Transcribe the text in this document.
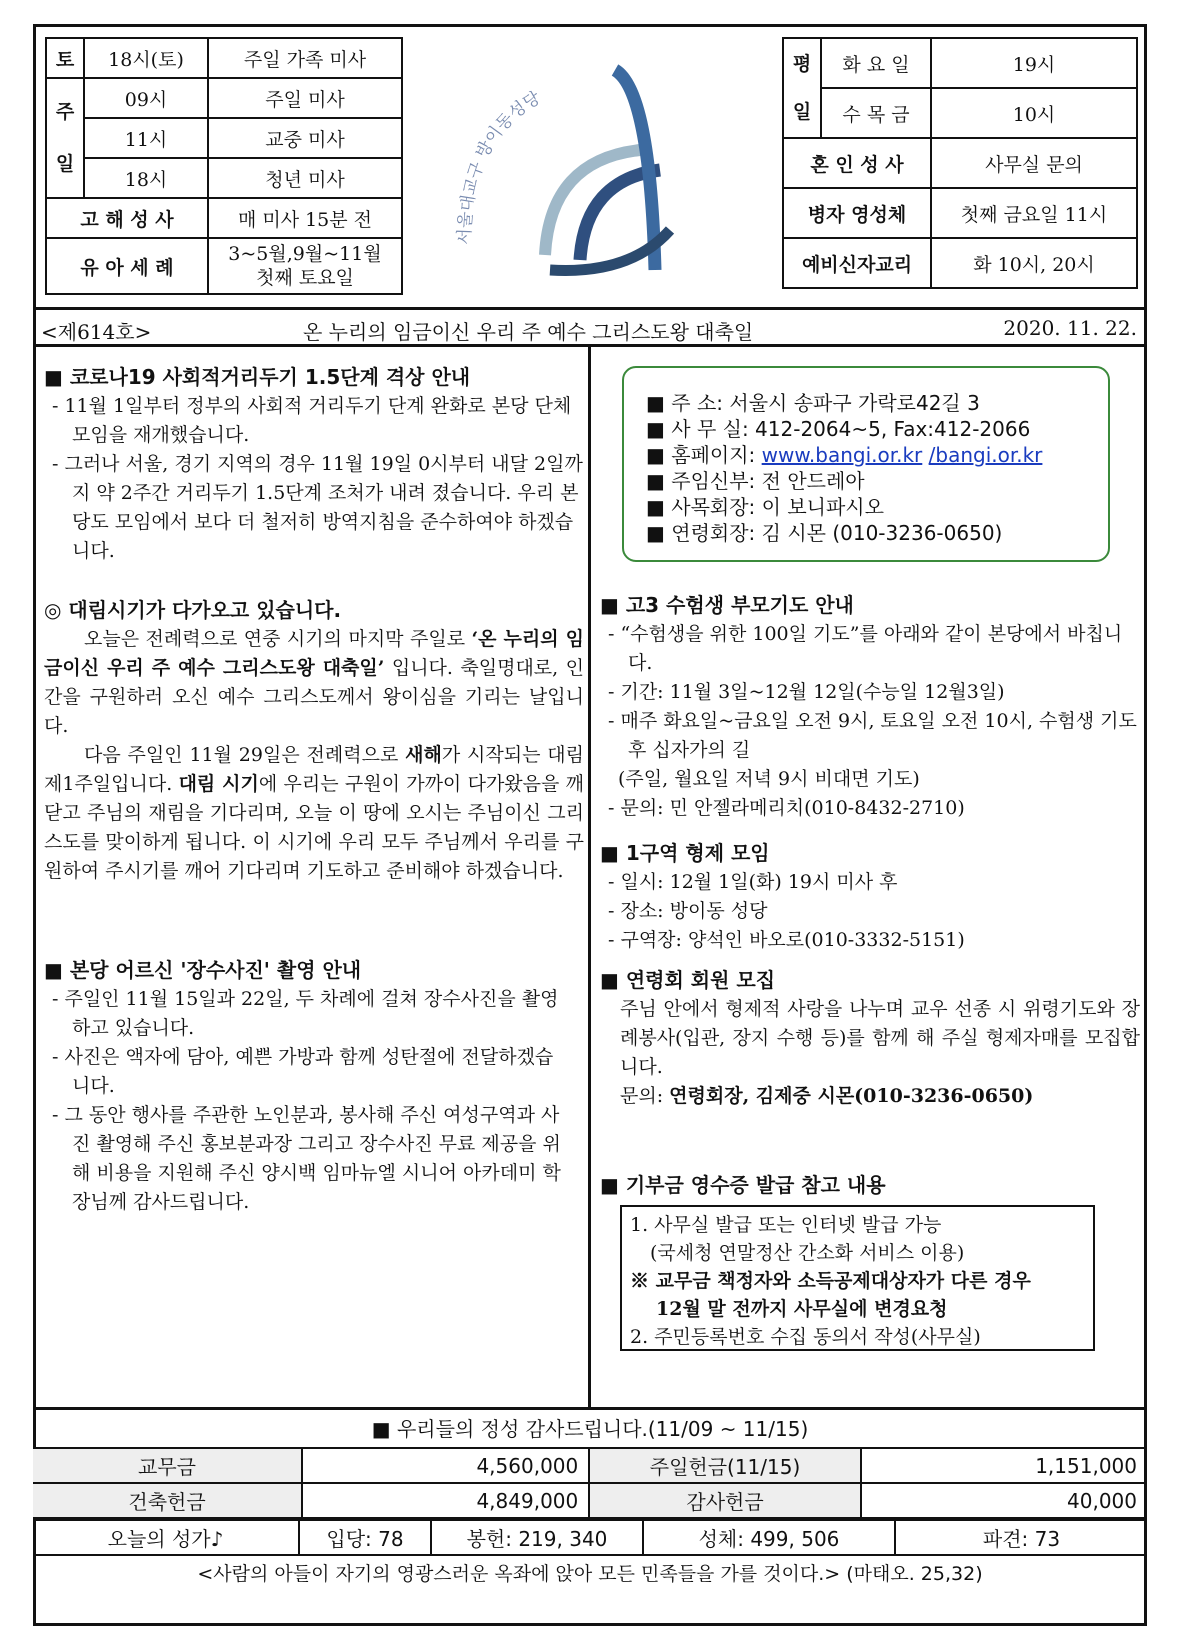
토	18시(토)	주일 가족 미사

주
일	09시	주일 미사
	11시	교중 미사
	18시	청년 미사
고 해 성 사		매 미사 15분 전
유 아 세 례		3~5월,9월~11월
첫째 토요일
서울대교구 방이동성당
평
일	화 요 일	19시
	수 목 금	10시
혼 인 성 사		사무실 문의
병자 영성체		첫째 금요일 11시
예비신자교리		화 10시, 20시
<제614호>	온 누리의 임금이신 우리 주 예수 그리스도왕 대축일	2020. 11. 22.
■ 코로나19 사회적거리두기 1.5단계 격상 안내
- 11월 1일부터 정부의 사회적 거리두기 단계 완화로 본당 단체 모임을 재개했습니다.
- 그러나 서울, 경기 지역의 경우 11월 19일 0시부터 내달 2일까지 약 2주간 거리두기 1.5단계 조처가 내려 졌습니다. 우리 본당도 모임에서 보다 더 철저히 방역지침을 준수하여야 하겠습니다.
◎ 대림시기가 다가오고 있습니다.
오늘은 전례력으로 연중 시기의 마지막 주일로 ‘온 누리의 임금이신 우리 주 예수 그리스도왕 대축일’ 입니다. 축일명대로, 인간을 구원하러 오신 예수 그리스도께서 왕이심을 기리는 날입니다.
다음 주일인 11월 29일은 전례력으로 새해가 시작되는 대림 제1주일입니다. 대림 시기에 우리는 구원이 가까이 다가왔음을 깨닫고 주님의 재림을 기다리며, 오늘 이 땅에 오시는 주님이신 그리스도를 맞이하게 됩니다. 이 시기에 우리 모두 주님께서 우리를 구원하여 주시기를 깨어 기다리며 기도하고 준비해야 하겠습니다.
■ 본당 어르신 '장수사진' 촬영 안내
- 주일인 11월 15일과 22일, 두 차례에 걸쳐 장수사진을 촬영하고 있습니다.
- 사진은 액자에 담아, 예쁜 가방과 함께 성탄절에 전달하겠습니다.
- 그 동안 행사를 주관한 노인분과, 봉사해 주신 여성구역과 사진 촬영해 주신 홍보분과장 그리고 장수사진 무료 제공을 위해 비용을 지원해 주신 양시백 임마뉴엘 시니어 아카데미 학장님께 감사드립니다.
■ 주 소: 서울시 송파구 가락로42길 3
■ 사 무 실: 412-2064~5, Fax:412-2066
■ 홈페이지: www.bangi.or.kr /bangi.or.kr
■ 주임신부: 전 안드레아
■ 사목회장: 이 보니파시오
■ 연령회장: 김 시몬 (010-3236-0650)
■ 고3 수험생 부모기도 안내
- “수험생을 위한 100일 기도”를 아래와 같이 본당에서 바칩니다.
- 기간: 11월 3일~12월 12일(수능일 12월3일)
- 매주 화요일~금요일 오전 9시, 토요일 오전 10시, 수험생 기도 후 십자가의 길
(주일, 월요일 저녁 9시 비대면 기도)
- 문의: 민 안젤라메리치(010-8432-2710)
■ 1구역 형제 모임
- 일시: 12월 1일(화) 19시 미사 후
- 장소: 방이동 성당
- 구역장: 양석인 바오로(010-3332-5151)
■ 연령회 회원 모집
주님 안에서 형제적 사랑을 나누며 교우 선종 시 위령기도와 장례봉사(입관, 장지 수행 등)를 함께 해 주실 형제자매를 모집합니다.
문의: 연령회장, 김제중 시몬(010-3236-0650)
■ 기부금 영수증 발급 참고 내용
1. 사무실 발급 또는 인터넷 발급 가능
(국세청 연말정산 간소화 서비스 이용)
※ 교무금 책정자와 소득공제대상자가 다른 경우
12월 말 전까지 사무실에 변경요청
2. 주민등록번호 수집 동의서 작성(사무실)
■ 우리들의 정성 감사드립니다.(11/09 ~ 11/15)
교무금	4,560,000	주일헌금(11/15)	1,151,000
건축헌금	4,849,000	감사헌금	40,000
오늘의 성가♪	입당: 78	봉헌: 219, 340	성체: 499, 506	파견: 73
<사람의 아들이 자기의 영광스러운 옥좌에 앉아 모든 민족들을 가를 것이다.> (마태오. 25,32)
